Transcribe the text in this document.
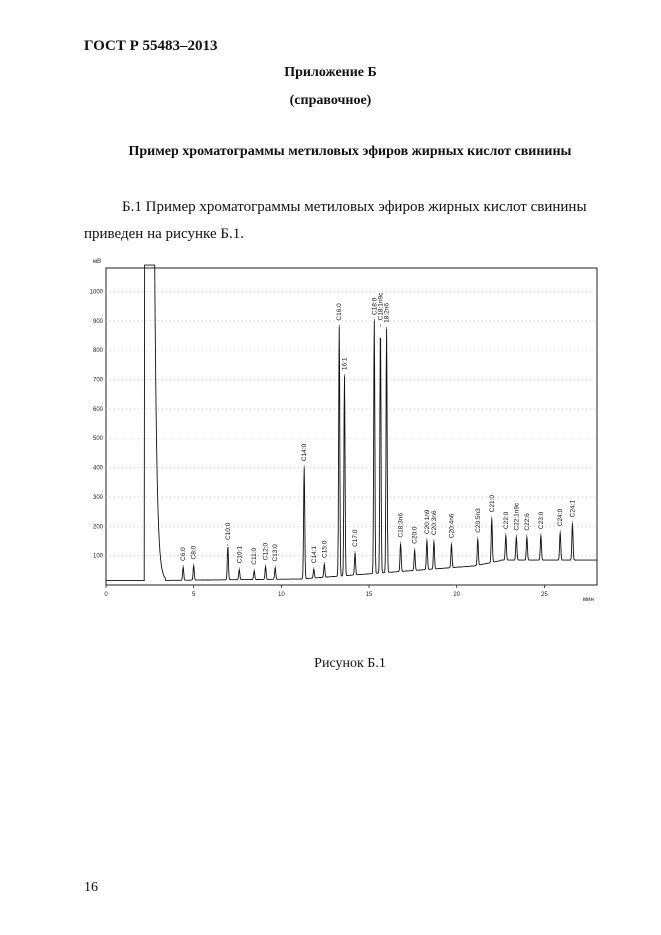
ГОСТ Р 55483–2013
Приложение Б
(справочное)
Пример хроматограммы метиловых эфиров жирных кислот свинины
Б.1 Пример хроматограммы метиловых эфиров жирных кислот свинины
приведен на рисунке Б.1.
C6:0 C8:0
C10:0
C10:1 C11:0 C12:0 C13:0
C14:0
C14:1 C15:0
C16:0
16:1
C17:0
C18:0 C18:1n9c 18:2n6
C18:3n6 C20:0
C20:1n9 C20:3n6 C20:4n6	C20:5n3
C21:0
C22:0 C22:1n9c C22:6 C23:0 C24:0
C24:1
100
200
300
400
500
600
700
800
900
1000
0	5	10	15	20	25
мВ
мин
Рисунок Б.1
16
